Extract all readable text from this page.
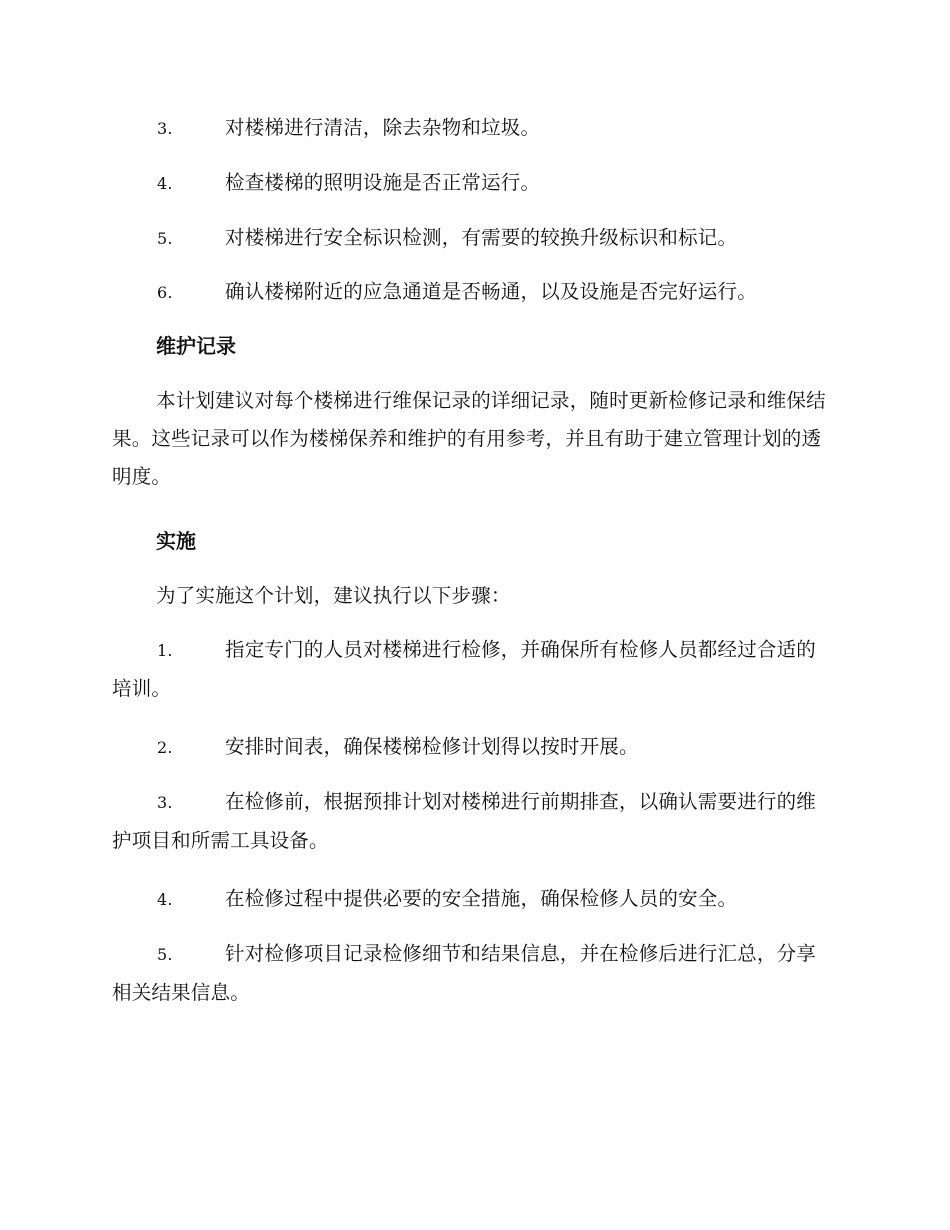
3.	对楼梯进行清洁，除去杂物和垃圾。
4.	检查楼梯的照明设施是否正常运行。
5.	对楼梯进行安全标识检测，有需要的较换升级标识和标记。
6.	确认楼梯附近的应急通道是否畅通，以及设施是否完好运行。
维护记录
本计划建议对每个楼梯进行维保记录的详细记录，随时更新检修记录和维保结果。这些记录可以作为楼梯保养和维护的有用参考，并且有助于建立管理计划的透明度。
实施
为了实施这个计划，建议执行以下步骤：
1.	指定专门的人员对楼梯进行检修，并确保所有检修人员都经过合适的培训。
2.	安排时间表，确保楼梯检修计划得以按时开展。
3.	在检修前，根据预排计划对楼梯进行前期排查，以确认需要进行的维护项目和所需工具设备。
4.	在检修过程中提供必要的安全措施，确保检修人员的安全。
5.	针对检修项目记录检修细节和结果信息，并在检修后进行汇总，分享相关结果信息。
